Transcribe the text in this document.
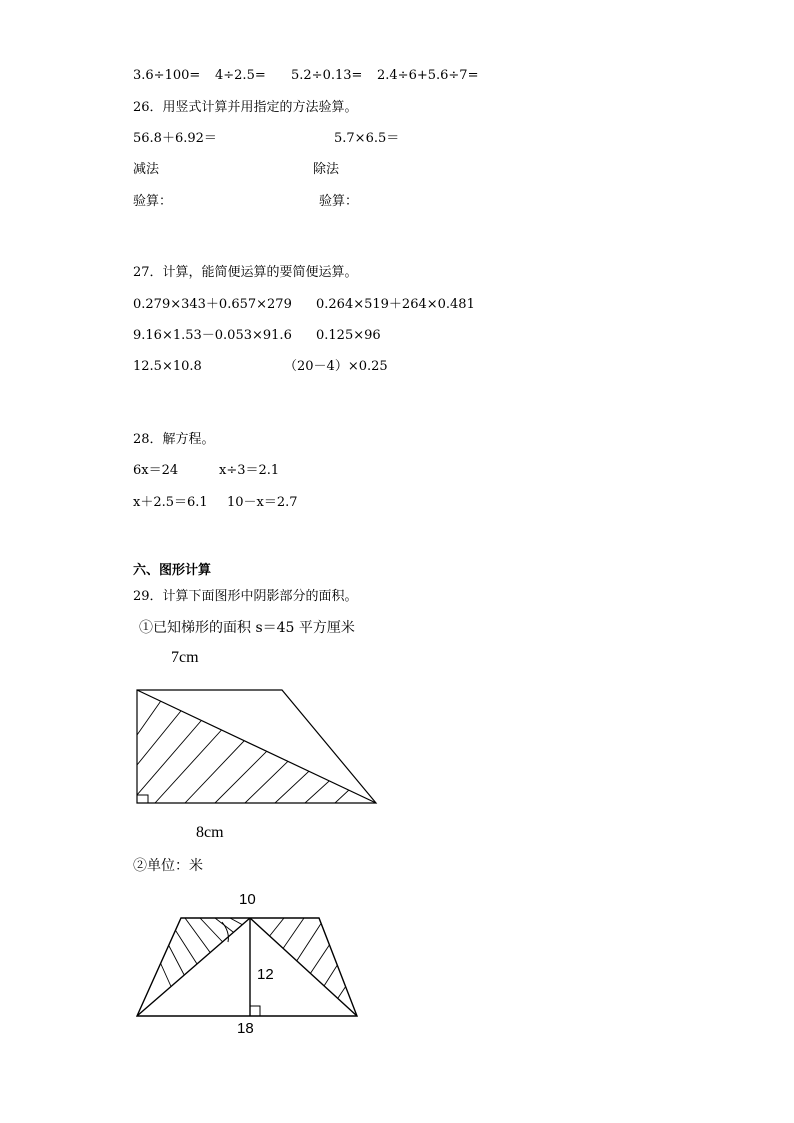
3.6÷100= 4÷2.5= 5.2÷0.13= 2.4÷6+5.6÷7=
26．用竖式计算并用指定的方法验算。
56.8＋6.92＝	5.7×6.5＝
减法	除法
验算：	验算：
27．计算，能简便运算的要简便运算。
0.279×343＋0.657×279 0.264×519＋264×0.481
9.16×1.53－0.053×91.6 0.125×96
12.5×10.8	（20－4）×0.25
28．解方程。
6x＝24	x÷3＝2.1
x＋2.5＝6.1 10－x＝2.7
六、图形计算
29．计算下面图形中阴影部分的面积。
①已知梯形的面积 s＝45 平方厘米
7cm
8cm
②单位：米
10
12
18
